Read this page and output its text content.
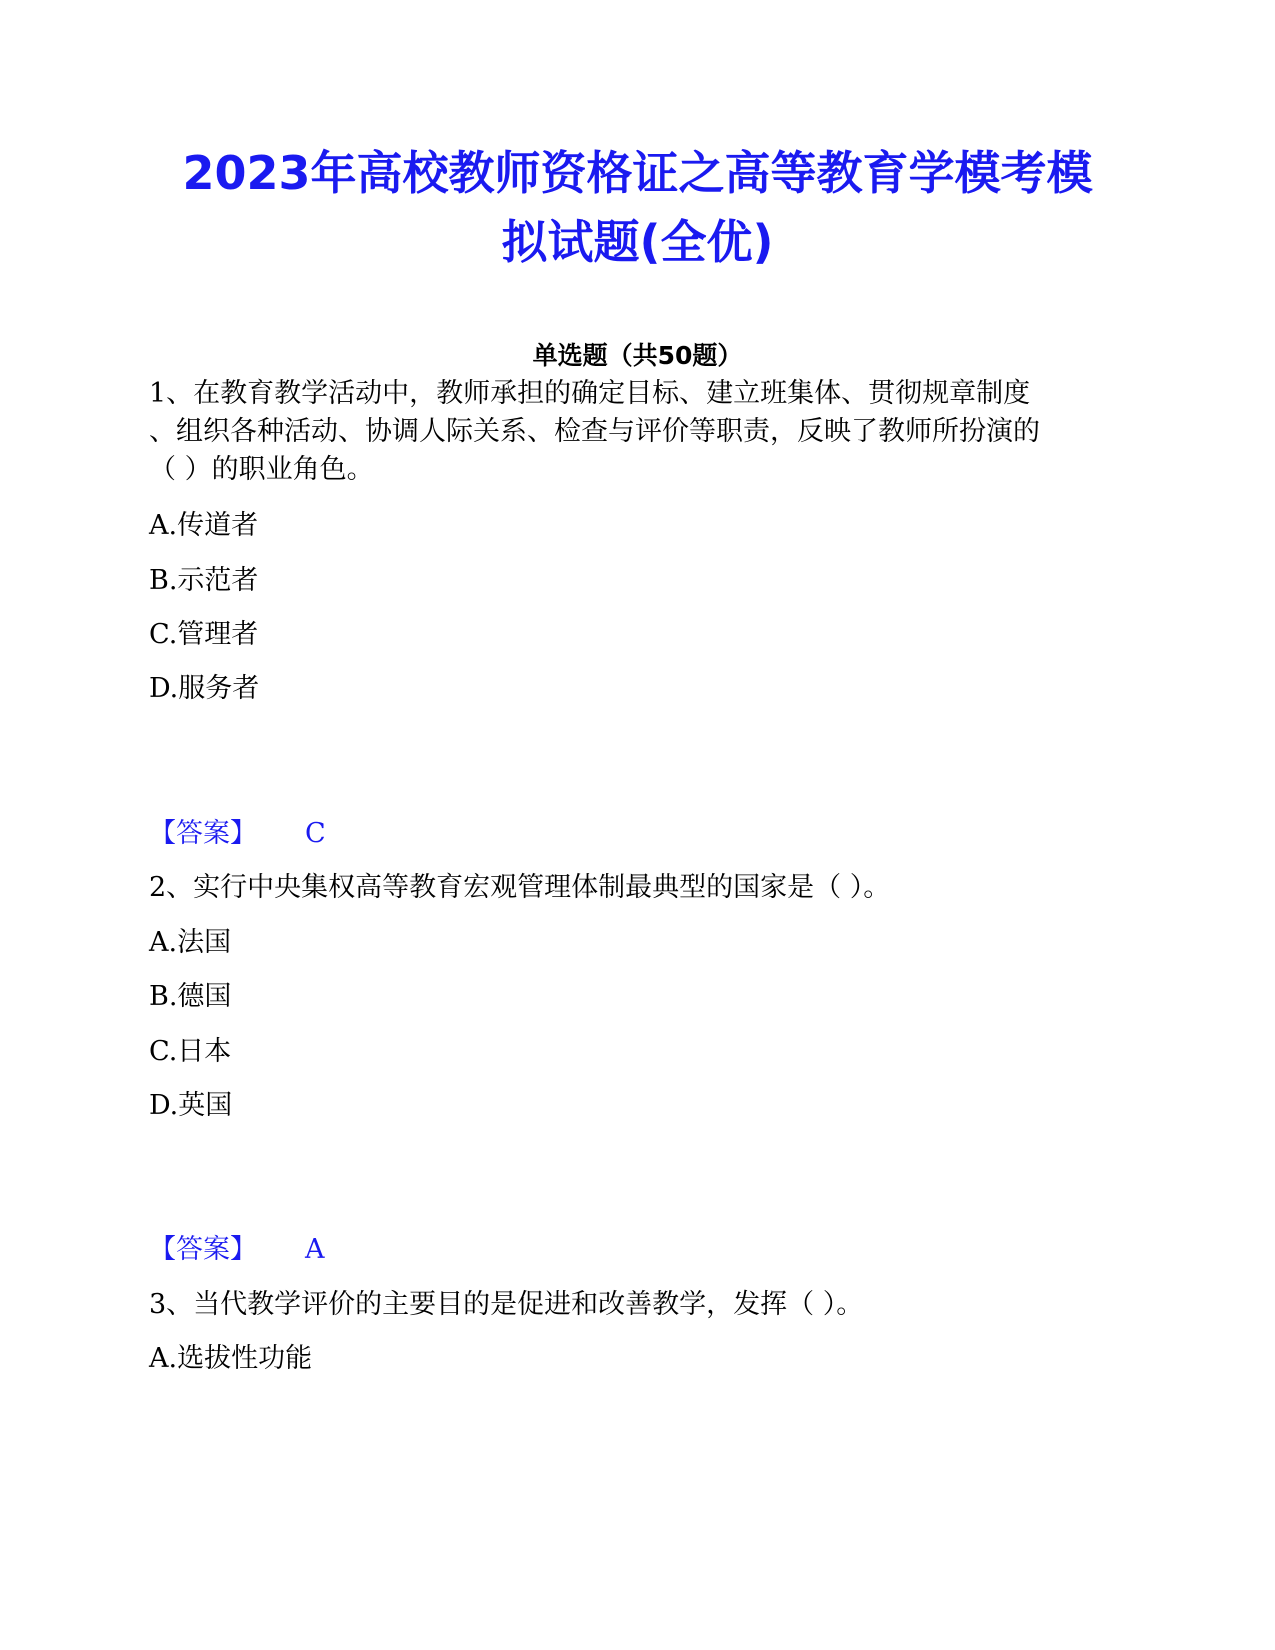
2023年高校教师资格证之高等教育学模考模
拟试题(全优)
单选题（共50题）
1、在教育教学活动中，教师承担的确定目标、建立班集体、贯彻规章制度
、组织各种活动、协调人际关系、检查与评价等职责，反映了教师所扮演的
（ ）的职业角色。
A.传道者
B.示范者
C.管理者
D.服务者
【答案】 C
2、实行中央集权高等教育宏观管理体制最典型的国家是（ ）。
A.法国
B.德国
C.日本
D.英国
【答案】 A
3、当代教学评价的主要目的是促进和改善教学，发挥（ ）。
A.选拔性功能
